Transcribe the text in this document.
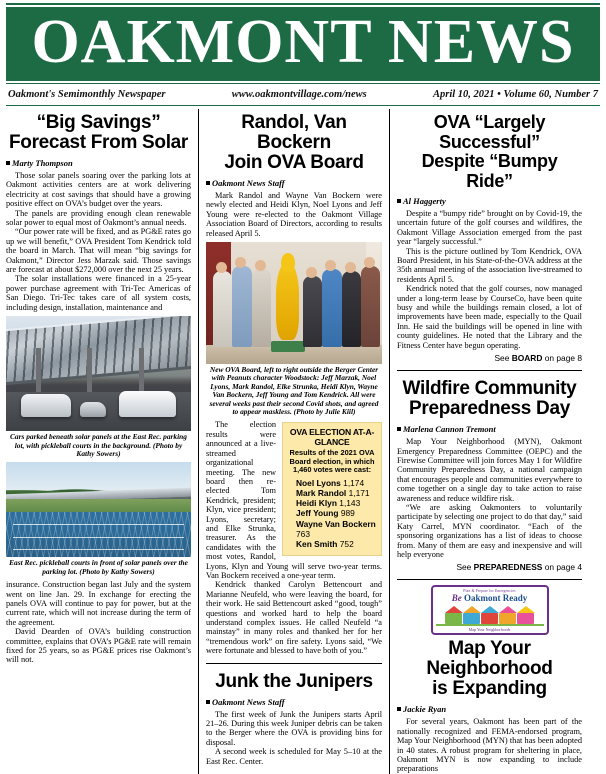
OAKMONT NEWS
Oakmont's Semimonthly Newspaper	www.oakmontvillage.com/news	April 10, 2021 • Volume 60, Number 7
“Big Savings”
Forecast From Solar
Marty Thompson

Those solar panels soaring over the parking lots at Oakmont activities centers are at work delivering electricity at cost savings that should have a growing positive effect on OVA’s budget over the years.

The panels are providing enough clean renewable solar power to equal most of Oakmont’s annual needs.

“Our power rate will be fixed, and as PG&E rates go up we will benefit,” OVA President Tom Kendrick told the board in March. That will mean “big savings for Oakmont,” Director Jess Marzak said. Those savings are forecast at about $272,000 over the next 25 years.

The solar installations were financed in a 25-year power purchase agreement with Tri-Tec Americas of San Diego. Tri-Tec takes care of all system costs, including design, installation, maintenance and

Cars parked beneath solar panels at the East Rec. parking lot, with pickleball courts in the background. (Photo by Kathy Sowers)
East Rec. pickleball courts in front of solar panels over the parking lot. (Photo by Kathy Sowers)

insurance. Construction began last July and the system went on line Jan. 29. In exchange for erecting the panels OVA will continue to pay for power, but at the current rate, which will not increase during the term of the agreement.

David Dearden of OVA’s building construction committee, explains that OVA’s PG&E rate will remain fixed for 25 years, so as PG&E prices rise Oakmont’s will not.

Randol, Van Bockern
Join OVA Board
Oakmont News Staff

Mark Randol and Wayne Van Bockern were newly elected and Heidi Klyn, Noel Lyons and Jeff Young were re-elected to the Oakmont Village Association Board of Directors, according to results released April 5.

New OVA Board, left to right outside the Berger Center with Peanuts character Woodstock: Jeff Marzak, Noel Lyons, Mark Randol, Elke Strunka, Heidi Klyn, Wayne Van Bockern, Jeff Young and Tom Kendrick. All were several weeks past their second Covid shots, and agreed to appear maskless. (Photo by Julie Kiil)
OVA ELECTION AT-A-GLANCE
Results of the 2021 OVA Board election, in which 1,460 votes were cast:
Noel Lyons 1,174
Mark Randol 1,171
Heidi Klyn 1,143
Jeff Young 989
Wayne Van Bockern 763
Ken Smith 752

The election results were announced at a live-streamed organizational meeting. The new board then re-elected Tom Kendrick, president; Klyn, vice president; Lyons, secretary; and Elke Strunka, treasurer. As the candidates with the most votes, Randol, Lyons, Klyn and Young will serve two-year terms. Van Bockern received a one-year term.

Kendrick thanked Carolyn Bettencourt and Marianne Neufeld, who were leaving the board, for their work. He said Bettencourt asked “good, tough” questions and worked hard to help the board understand complex issues. He called Neufeld “a mainstay” in many roles and thanked her for her “tremendous work” on fire safety. Lyons said, “We were fortunate and blessed to have both of you.”

Junk the Junipers
Oakmont News Staff

The first week of Junk the Junipers starts April 21–26. During this week Juniper debris can be taken to the Berger where the OVA is providing bins for disposal.

A second week is scheduled for May 5–10 at the East Rec. Center.

OVA “Largely Successful”
Despite “Bumpy Ride”
Al Haggerty

Despite a “bumpy ride” brought on by Covid-19, the uncertain future of the golf courses and wildfires, the Oakmont Village Association emerged from the past year “largely successful.”

This is the picture outlined by Tom Kendrick, OVA Board President, in his State-of-the-OVA address at the 35th annual meeting of the association live-streamed to residents April 5.

Kendrick noted that the golf courses, now managed under a long-term lease by CourseCo, have been quite busy and while the buildings remain closed, a lot of improvements have been made, especially to the Quail Inn. He said the buildings will be opened in line with county guidelines. He noted that the Library and the Fitness Center have begun operating.

See BOARD on page 8
Wildfire Community
Preparedness Day
Marlena Cannon Tremont

Map Your Neighborhood (MYN), Oakmont Emergency Preparedness Committee (OEPC) and the Firewise Committee will join forces May 1 for Wildfire Community Preparedness Day, a national campaign that encourages people and communities everywhere to come together on a single day to take action to raise awareness and reduce wildfire risk.

“We are asking Oakmonters to voluntarily participate by selecting one project to do that day,” said Katy Carrel, MYN coordinator. “Each of the sponsoring organizations has a list of ideas to choose from. Many of them are easy and inexpensive and will help everyone

See PREPAREDNESS on page 4
Plan & Prepare for Emergencies
Be Oakmont Ready
Map Your Neighborhoods
Map Your Neighborhood
is Expanding
Jackie Ryan

For several years, Oakmont has been part of the nationally recognized and FEMA-endorsed program, Map Your Neighborhood (MYN) that has been adopted in 40 states. A robust program for sheltering in place, Oakmont MYN is now expanding to include preparations
